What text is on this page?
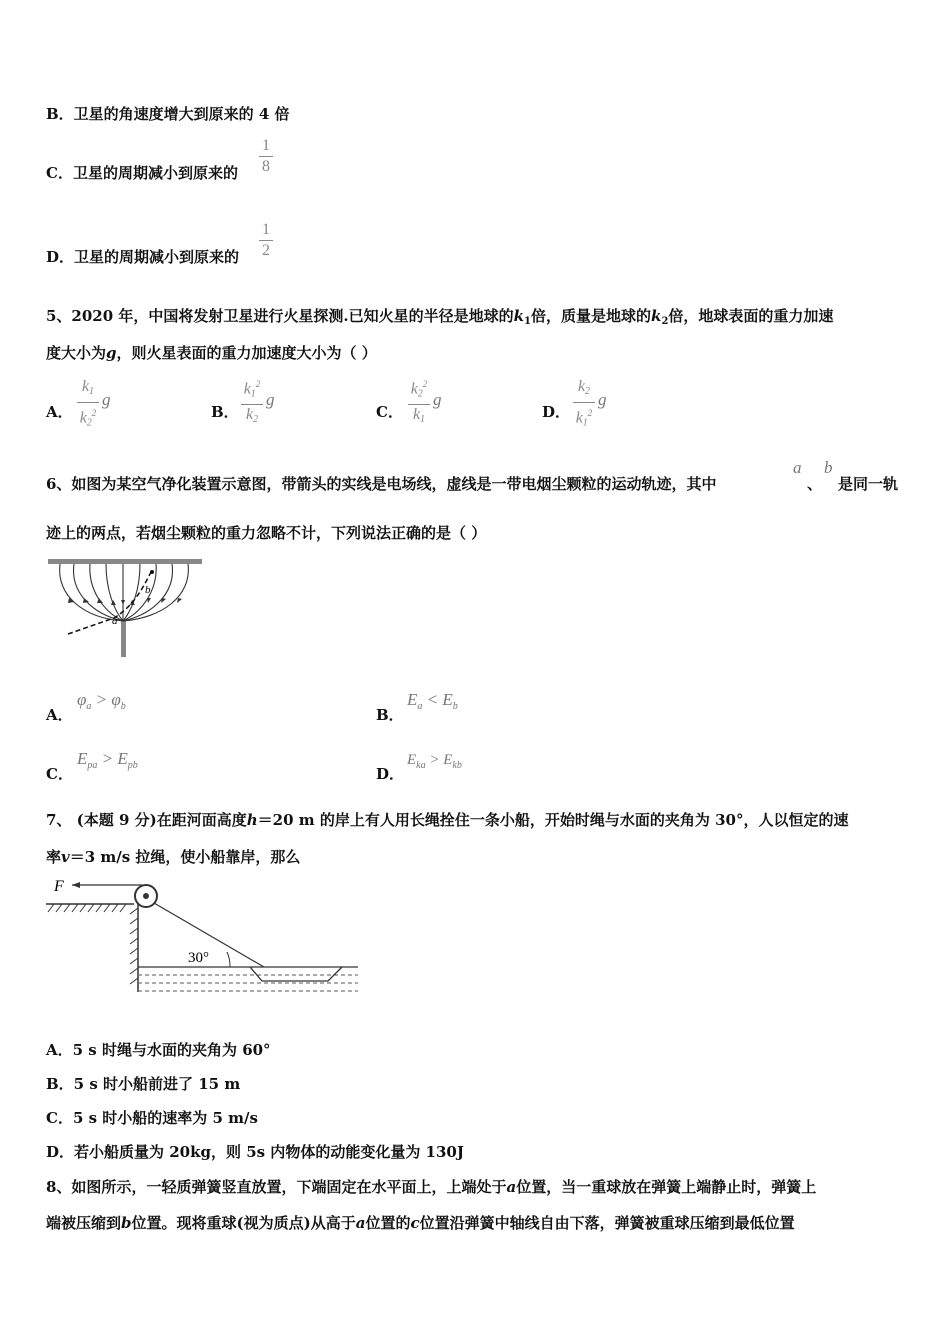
B．卫星的角速度增大到原来的 4 倍
C．卫星的周期减小到原来的
1
8
D．卫星的周期减小到原来的
1
2
5、2020 年，中国将发射卫星进行火星探测.已知火星的半径是地球的$k_1$倍，质量是地球的$k_2$倍，地球表面的重力加速
度大小为g，则火星表面的重力加速度大小为（ ）
A．
$k_1$
$k_2^2$
g
B．
$k_1^2$
$k_2$
g
C．
$k_2^2$
$k_1$
g
D．
$k_2$
$k_1^2$
g
6、如图为某空气净化装置示意图，带箭头的实线是电场线，虚线是一带电烟尘颗粒的运动轨迹，其中
a
、
b
是同一轨
迹上的两点，若烟尘颗粒的重力忽略不计，下列说法正确的是（ ）
a
b
A．
$\varphi_a > \varphi_b$	B．
$E_a < E_b$
C．
$E_{pa} > E_{pb}$	D．
$E_{ka} > E_{kb}$
7、 (本题 9 分)在距河面高度h＝20 m 的岸上有人用长绳拴住一条小船，开始时绳与水面的夹角为 30°，人以恒定的速
率v＝3 m/s 拉绳，使小船靠岸，那么
F
30°
A．5 s 时绳与水面的夹角为 60°
B．5 s 时小船前进了 15 m
C．5 s 时小船的速率为 5 m/s
D．若小船质量为 20kg，则 5s 内物体的动能变化量为 130J
8、如图所示，一轻质弹簧竖直放置，下端固定在水平面上，上端处于a位置，当一重球放在弹簧上端静止时，弹簧上
端被压缩到b位置。现将重球(视为质点)从高于a位置的c位置沿弹簧中轴线自由下落，弹簧被重球压缩到最低位置
